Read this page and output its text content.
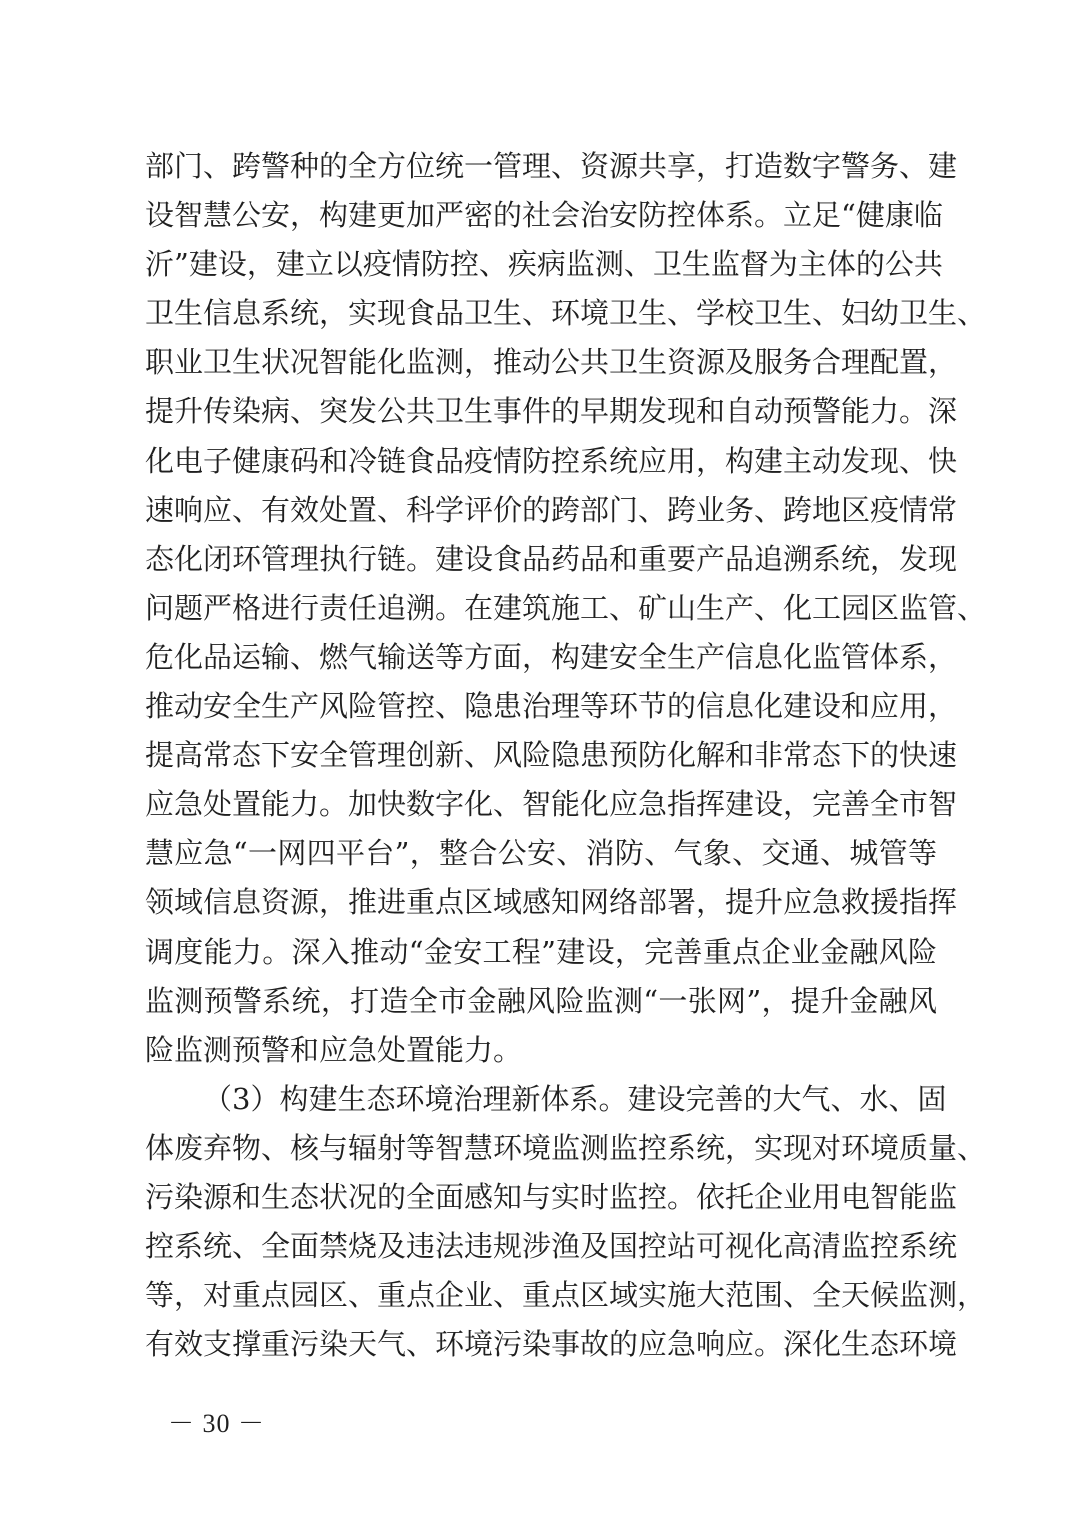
部门、跨警种的全方位统一管理、资源共享，打造数字警务、建
设智慧公安，构建更加严密的社会治安防控体系。立足“健康临
沂”建设，建立以疫情防控、疾病监测、卫生监督为主体的公共
卫生信息系统，实现食品卫生、环境卫生、学校卫生、妇幼卫生、
职业卫生状况智能化监测，推动公共卫生资源及服务合理配置，
提升传染病、突发公共卫生事件的早期发现和自动预警能力。深
化电子健康码和冷链食品疫情防控系统应用，构建主动发现、快
速响应、有效处置、科学评价的跨部门、跨业务、跨地区疫情常
态化闭环管理执行链。建设食品药品和重要产品追溯系统，发现
问题严格进行责任追溯。在建筑施工、矿山生产、化工园区监管、
危化品运输、燃气输送等方面，构建安全生产信息化监管体系，
推动安全生产风险管控、隐患治理等环节的信息化建设和应用，
提高常态下安全管理创新、风险隐患预防化解和非常态下的快速
应急处置能力。加快数字化、智能化应急指挥建设，完善全市智
慧应急“一网四平台”，整合公安、消防、气象、交通、城管等
领域信息资源，推进重点区域感知网络部署，提升应急救援指挥
调度能力。深入推动“金安工程”建设，完善重点企业金融风险
监测预警系统，打造全市金融风险监测“一张网”，提升金融风
险监测预警和应急处置能力。
（3）构建生态环境治理新体系。建设完善的大气、水、固
体废弃物、核与辐射等智慧环境监测监控系统，实现对环境质量、
污染源和生态状况的全面感知与实时监控。依托企业用电智能监
控系统、全面禁烧及违法违规涉渔及国控站可视化高清监控系统
等，对重点园区、重点企业、重点区域实施大范围、全天候监测，
有效支撑重污染天气、环境污染事故的应急响应。深化生态环境
－ 30 －
